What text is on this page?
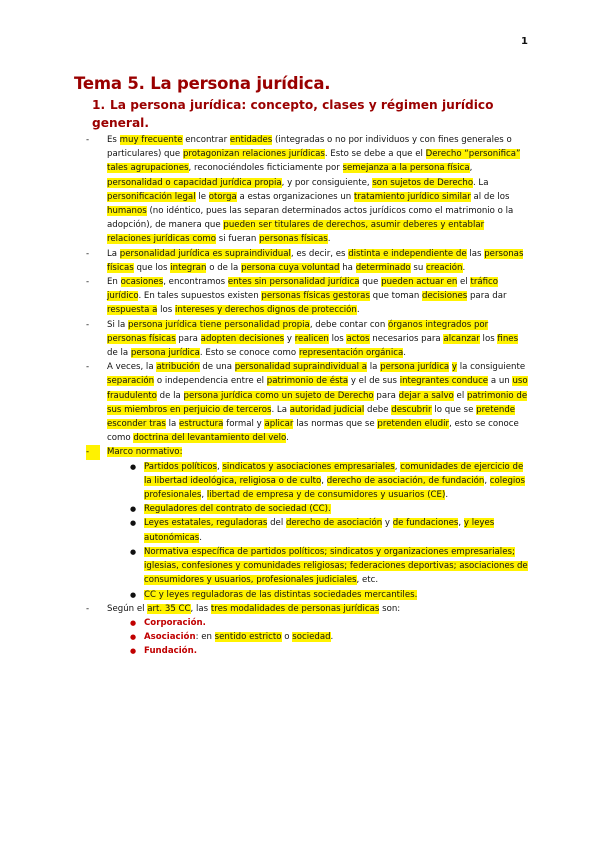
1
Tema 5. La persona jurídica.
1. La persona jurídica: concepto, clases y régimen jurídico general.
-	Es muy frecuente encontrar entidades (integradas o no por individuos y con fines generales o particulares) que protagonizan relaciones jurídicas. Esto se debe a que el Derecho “personifica” tales agrupaciones, reconociéndoles ficticiamente por semejanza a la persona física, personalidad o capacidad jurídica propia, y por consiguiente, son sujetos de Derecho. La personificación legal le otorga a estas organizaciones un tratamiento jurídico similar al de los humanos (no idéntico, pues las separan determinados actos jurídicos como el matrimonio o la adopción), de manera que pueden ser titulares de derechos, asumir deberes y entablar relaciones jurídicas como si fueran personas físicas.
-	La personalidad jurídica es supraindividual, es decir, es distinta e independiente de las personas físicas que los integran o de la persona cuya voluntad ha determinado su creación.
-	En ocasiones, encontramos entes sin personalidad jurídica que pueden actuar en el tráfico jurídico. En tales supuestos existen personas físicas gestoras que toman decisiones para dar respuesta a los intereses y derechos dignos de protección.
-	Si la persona jurídica tiene personalidad propia, debe contar con órganos integrados por personas físicas para adopten decisiones y realicen los actos necesarios para alcanzar los fines de la persona jurídica. Esto se conoce como representación orgánica.
-	A veces, la atribución de una personalidad supraindividual a la persona jurídica y la consiguiente separación o independencia entre el patrimonio de ésta y el de sus integrantes conduce a un uso fraudulento de la persona jurídica como un sujeto de Derecho para dejar a salvo el patrimonio de sus miembros en perjuicio de terceros. La autoridad judicial debe descubrir lo que se pretende esconder tras la estructura formal y aplicar las normas que se pretenden eludir, esto se conoce como doctrina del levantamiento del velo.
-	Marco normativo:
● Partidos políticos, sindicatos y asociaciones empresariales, comunidades de ejercicio de la libertad ideológica, religiosa o de culto, derecho de asociación, de fundación, colegios profesionales, libertad de empresa y de consumidores y usuarios (CE).
● Reguladores del contrato de sociedad (CC).
● Leyes estatales, reguladoras del derecho de asociación y de fundaciones, y leyes autonómicas.
● Normativa específica de partidos políticos; sindicatos y organizaciones empresariales; iglesias, confesiones y comunidades religiosas; federaciones deportivas; asociaciones de consumidores y usuarios, profesionales judiciales, etc.
● CC y leyes reguladoras de las distintas sociedades mercantiles.
-	Según el art. 35 CC, las tres modalidades de personas jurídicas son:
● Corporación.
● Asociación: en sentido estricto o sociedad.
● Fundación.
